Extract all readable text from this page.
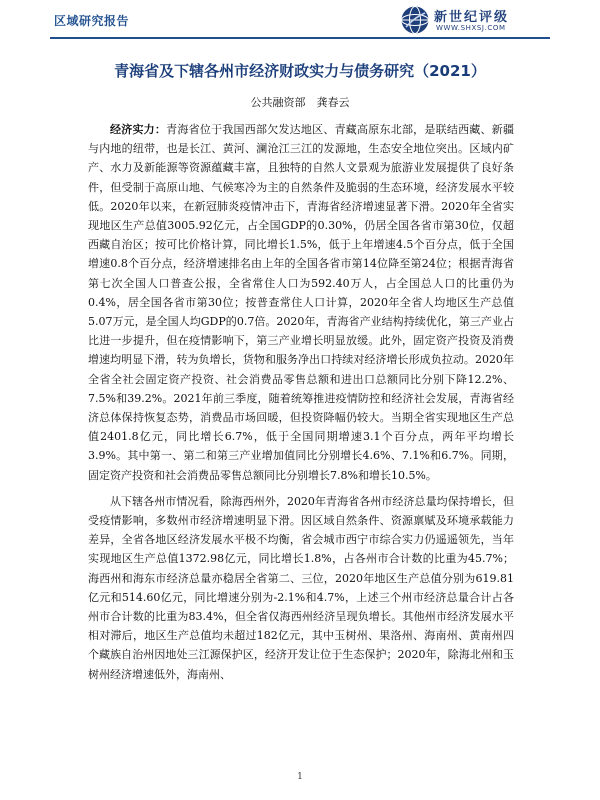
区域研究报告	新世纪评级
WWW.SHXSJ.COM
青海省及下辖各州市经济财政实力与债务研究（2021）
公共融资部　龚春云

经济实力：青海省位于我国西部欠发达地区、青藏高原东北部，是联结西藏、新疆与内地的纽带，也是长江、黄河、澜沧江三江的发源地，生态安全地位突出。区域内矿产、水力及新能源等资源蕴藏丰富，且独特的自然人文景观为旅游业发展提供了良好条件，但受制于高原山地、气候寒冷为主的自然条件及脆弱的生态环境，经济发展水平较低。2020年以来，在新冠肺炎疫情冲击下，青海省经济增速显著下滑。2020年全省实现地区生产总值3005.92亿元，占全国GDP的0.30%，仍居全国各省市第30位，仅超西藏自治区；按可比价格计算，同比增长1.5%，低于上年增速4.5个百分点，低于全国增速0.8个百分点，经济增速排名由上年的全国各省市第14位降至第24位；根据青海省第七次全国人口普查公报，全省常住人口为592.40万人，占全国总人口的比重仍为0.4%，居全国各省市第30位；按普查常住人口计算，2020年全省人均地区生产总值5.07万元，是全国人均GDP的0.7倍。2020年，青海省产业结构持续优化，第三产业占比进一步提升，但在疫情影响下，第三产业增长明显放缓。此外，固定资产投资及消费增速均明显下滑，转为负增长，货物和服务净出口持续对经济增长形成负拉动。2020年全省全社会固定资产投资、社会消费品零售总额和进出口总额同比分别下降12.2%、7.5%和39.2%。2021年前三季度，随着统筹推进疫情防控和经济社会发展，青海省经济总体保持恢复态势，消费品市场回暖，但投资降幅仍较大。当期全省实现地区生产总值2401.8亿元，同比增长6.7%，低于全国同期增速3.1个百分点，两年平均增长3.9%。其中第一、第二和第三产业增加值同比分别增长4.6%、7.1%和6.7%。同期，固定资产投资和社会消费品零售总额同比分别增长7.8%和增长10.5%。

从下辖各州市情况看，除海西州外，2020年青海省各州市经济总量均保持增长，但受疫情影响，多数州市经济增速明显下滑。因区域自然条件、资源禀赋及环境承载能力差异，全省各地区经济发展水平极不均衡，省会城市西宁市综合实力仍遥遥领先，当年实现地区生产总值1372.98亿元，同比增长1.8%，占各州市合计数的比重为45.7%；海西州和海东市经济总量亦稳居全省第二、三位，2020年地区生产总值分别为619.81亿元和514.60亿元，同比增速分别为-2.1%和4.7%，上述三个州市经济总量合计占各州市合计数的比重为83.4%，但全省仅海西州经济呈现负增长。其他州市经济发展水平相对滞后，地区生产总值均未超过182亿元，其中玉树州、果洛州、海南州、黄南州四个藏族自治州因地处三江源保护区，经济开发让位于生态保护；2020年，除海北州和玉树州经济增速低外，海南州、

1
